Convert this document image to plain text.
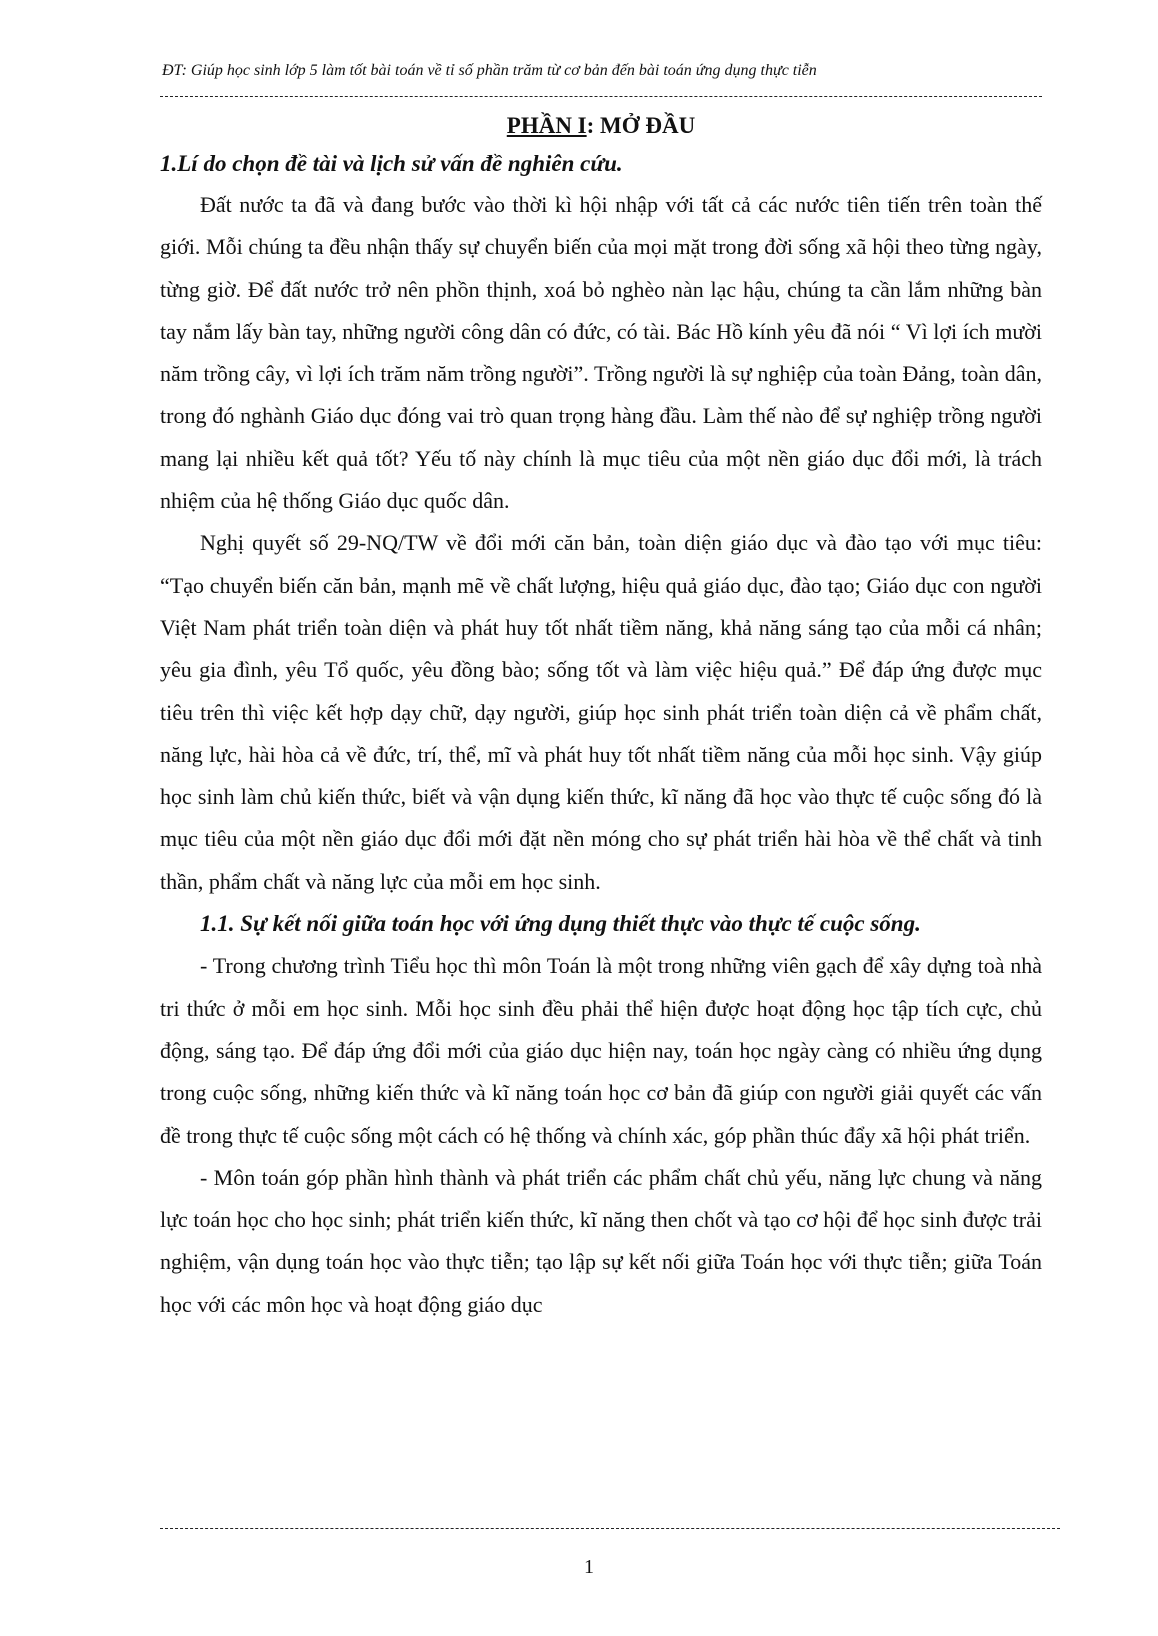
ĐT: Giúp học sinh lớp 5 làm tốt bài toán về tỉ số phần trăm từ cơ bản đến bài toán ứng dụng thực tiễn
PHẦN I: MỞ ĐẦU
1.Lí do chọn đề tài và lịch sử vấn đề nghiên cứu.

Đất nước ta đã và đang bước vào thời kì hội nhập với tất cả các nước tiên tiến trên toàn thế giới. Mỗi chúng ta đều nhận thấy sự chuyển biến của mọi mặt trong đời sống xã hội theo từng ngày, từng giờ. Để đất nước trở nên phồn thịnh, xoá bỏ nghèo nàn lạc hậu, chúng ta cần lắm những bàn tay nắm lấy bàn tay, những người công dân có đức, có tài. Bác Hồ kính yêu đã nói “ Vì lợi ích mười năm trồng cây, vì lợi ích trăm năm trồng người”. Trồng người là sự nghiệp của toàn Đảng, toàn dân, trong đó nghành Giáo dục đóng vai trò quan trọng hàng đầu. Làm thế nào để sự nghiệp trồng người mang lại nhiều kết quả tốt? Yếu tố này chính là mục tiêu của một nền giáo dục đổi mới, là trách nhiệm của hệ thống Giáo dục quốc dân.

Nghị quyết số 29-NQ/TW về đổi mới căn bản, toàn diện giáo dục và đào tạo với mục tiêu: “Tạo chuyển biến căn bản, mạnh mẽ về chất lượng, hiệu quả giáo dục, đào tạo; Giáo dục con người Việt Nam phát triển toàn diện và phát huy tốt nhất tiềm năng, khả năng sáng tạo của mỗi cá nhân; yêu gia đình, yêu Tổ quốc, yêu đồng bào; sống tốt và làm việc hiệu quả.” Để đáp ứng được mục tiêu trên thì việc kết hợp dạy chữ, dạy người, giúp học sinh phát triển toàn diện cả về phẩm chất, năng lực, hài hòa cả về đức, trí, thể, mĩ và phát huy tốt nhất tiềm năng của mỗi học sinh. Vậy giúp học sinh làm chủ kiến thức, biết và vận dụng kiến thức, kĩ năng đã học vào thực tế cuộc sống đó là mục tiêu của một nền giáo dục đổi mới đặt nền móng cho sự phát triển hài hòa về thể chất và tinh thần, phẩm chất và năng lực của mỗi em học sinh.

1.1. Sự kết nối giữa toán học với ứng dụng thiết thực vào thực tế cuộc sống.

- Trong chương trình Tiểu học thì môn Toán là một trong những viên gạch để xây dựng toà nhà tri thức ở mỗi em học sinh. Mỗi học sinh đều phải thể hiện được hoạt động học tập tích cực, chủ động, sáng tạo. Để đáp ứng đổi mới của giáo dục hiện nay, toán học ngày càng có nhiều ứng dụng trong cuộc sống, những kiến thức và kĩ năng toán học cơ bản đã giúp con người giải quyết các vấn đề trong thực tế cuộc sống một cách có hệ thống và chính xác, góp phần thúc đẩy xã hội phát triển.

- Môn toán góp phần hình thành và phát triển các phẩm chất chủ yếu, năng lực chung và năng lực toán học cho học sinh; phát triển kiến thức, kĩ năng then chốt và tạo cơ hội để học sinh được trải nghiệm, vận dụng toán học vào thực tiễn; tạo lập sự kết nối giữa Toán học với thực tiễn; giữa Toán học với các môn học và hoạt động giáo dục

1
